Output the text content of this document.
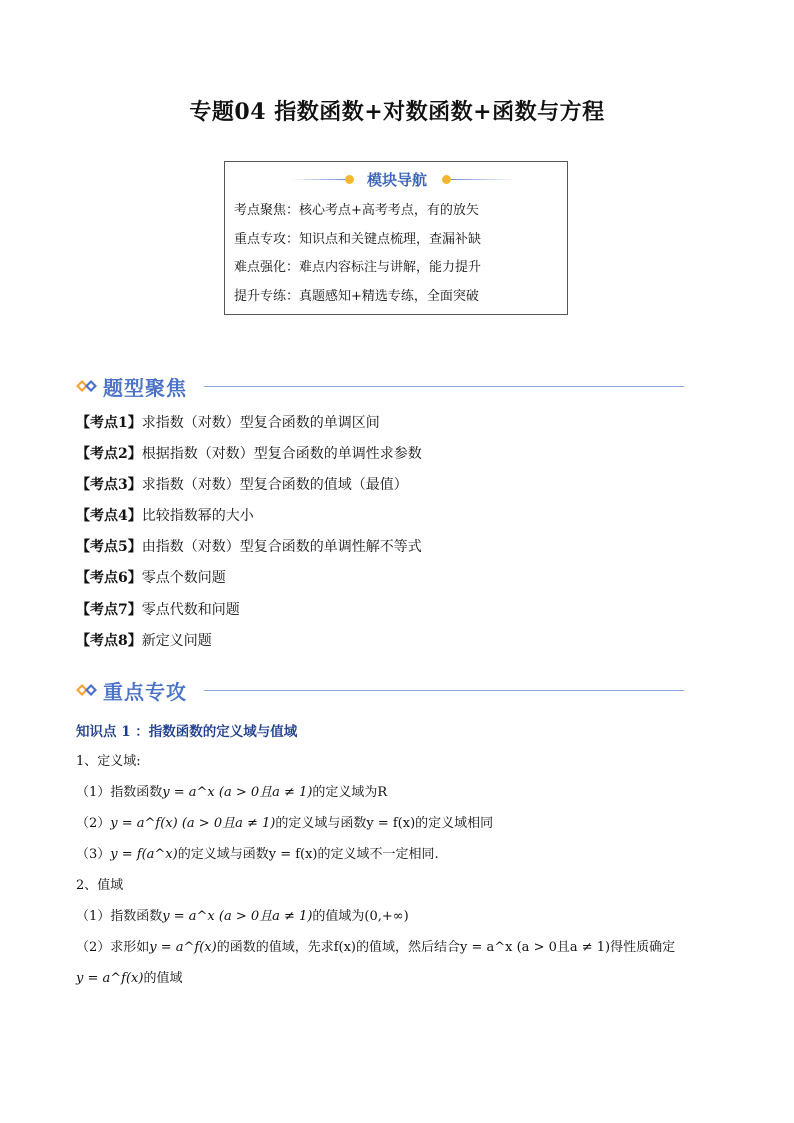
专题04 指数函数+对数函数+函数与方程
模块导航
考点聚焦：核心考点+高考考点，有的放矢
重点专攻：知识点和关键点梳理，查漏补缺
难点强化：难点内容标注与讲解，能力提升
提升专练：真题感知+精选专练，全面突破
题型聚焦
【考点1】求指数（对数）型复合函数的单调区间
【考点2】根据指数（对数）型复合函数的单调性求参数
【考点3】求指数（对数）型复合函数的值域（最值）
【考点4】比较指数幂的大小
【考点5】由指数（对数）型复合函数的单调性解不等式
【考点6】零点个数问题
【考点7】零点代数和问题
【考点8】新定义问题
重点专攻
知识点 1 ：指数函数的定义域与值域
1、定义域:
（1）指数函数y = a^x (a > 0且a ≠ 1)的定义域为R
（2）y = a^f(x) (a > 0且a ≠ 1)的定义域与函数y = f(x)的定义域相同
（3）y = f(a^x)的定义域与函数y = f(x)的定义域不一定相同.
2、值域
（1）指数函数y = a^x (a > 0且a ≠ 1)的值域为(0,+∞)
（2）求形如y = a^f(x)的函数的值域，先求f(x)的值域，然后结合y = a^x (a > 0且a ≠ 1)得性质确定
y = a^f(x)的值域
